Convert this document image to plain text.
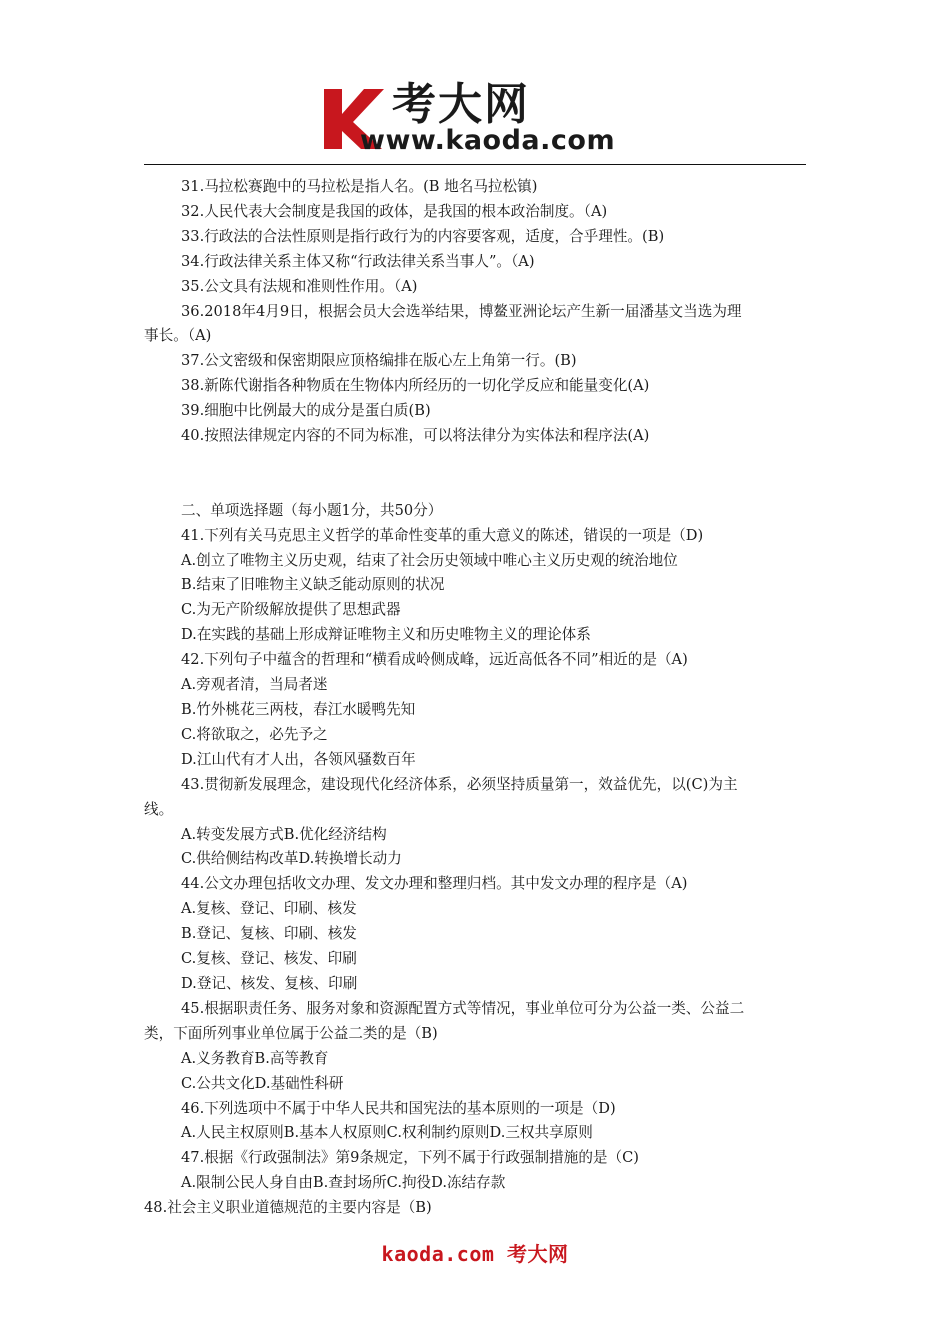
考大网
www.kaoda.com

31.马拉松赛跑中的马拉松是指人名。(B 地名马拉松镇)

32.人民代表大会制度是我国的政体，是我国的根本政治制度。（A)

33.行政法的合法性原则是指行政行为的内容要客观，适度，合乎理性。(B)

34.行政法律关系主体又称“行政法律关系当事人”。（A)

35.公文具有法规和准则性作用。（A)

36.2018年4月9日，根据会员大会选举结果，博鳌亚洲论坛产生新一届潘基文当选为理

事长。（A)

37.公文密级和保密期限应顶格编排在版心左上角第一行。(B)

38.新陈代谢指各种物质在生物体内所经历的一切化学反应和能量变化(A)

39.细胞中比例最大的成分是蛋白质(B)

40.按照法律规定内容的不同为标准，可以将法律分为实体法和程序法(A)

二、单项选择题（每小题1分，共50分）

41.下列有关马克思主义哲学的革命性变革的重大意义的陈述，错误的一项是（D)

A.创立了唯物主义历史观，结束了社会历史领域中唯心主义历史观的统治地位

B.结束了旧唯物主义缺乏能动原则的状况

C.为无产阶级解放提供了思想武器

D.在实践的基础上形成辩证唯物主义和历史唯物主义的理论体系

42.下列句子中蕴含的哲理和“横看成岭侧成峰，远近高低各不同”相近的是（A)

A.旁观者清，当局者迷

B.竹外桃花三两枝，春江水暖鸭先知

C.将欲取之，必先予之

D.江山代有才人出，各领风骚数百年

43.贯彻新发展理念，建设现代化经济体系，必须坚持质量第一，效益优先，以(C)为主

线。

A.转变发展方式B.优化经济结构

C.供给侧结构改革D.转换增长动力

44.公文办理包括收文办理、发文办理和整理归档。其中发文办理的程序是（A)

A.复核、登记、印刷、核发

B.登记、复核、印刷、核发

C.复核、登记、核发、印刷

D.登记、核发、复核、印刷

45.根据职责任务、服务对象和资源配置方式等情况，事业单位可分为公益一类、公益二

类，下面所列事业单位属于公益二类的是（B)

A.义务教育B.高等教育

C.公共文化D.基础性科研

46.下列选项中不属于中华人民共和国宪法的基本原则的一项是（D)

A.人民主权原则B.基本人权原则C.权利制约原则D.三权共享原则

47.根据《行政强制法》第9条规定，下列不属于行政强制措施的是（C)

A.限制公民人身自由B.查封场所C.拘役D.冻结存款

48.社会主义职业道德规范的主要内容是（B)

kaoda.com 考大网
